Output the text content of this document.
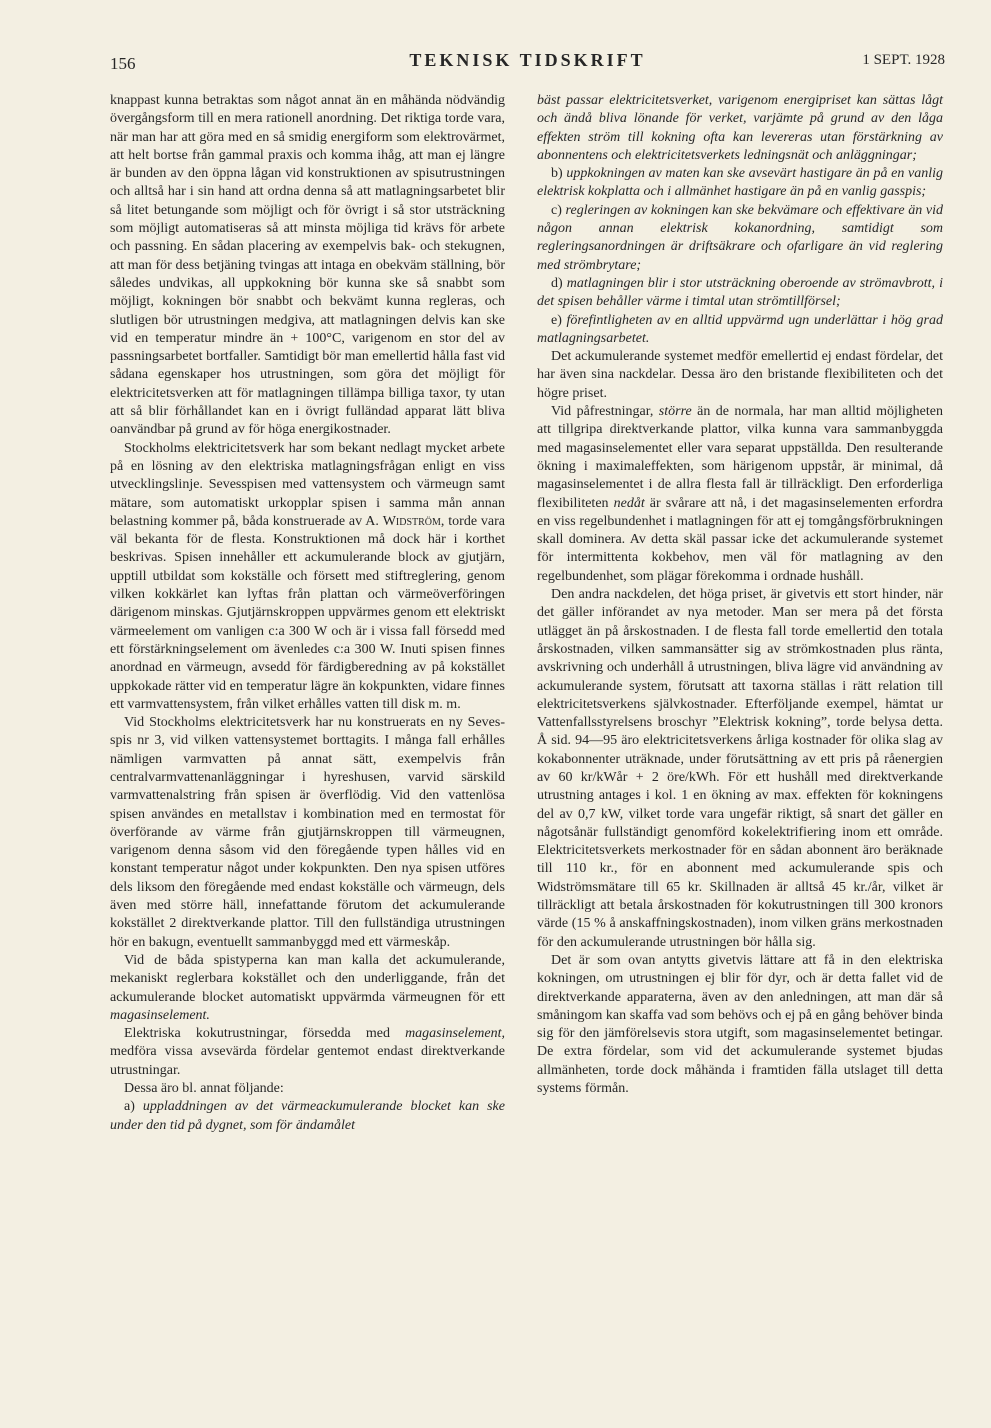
156	TEKNISK TIDSKRIFT	1 SEPT. 1928

knappast kunna betraktas som något annat än en måhända nödvändig övergångsform till en mera rationell anordning. Det riktiga torde vara, när man har att göra med en så smidig energiform som elektrovärmet, att helt bortse från gammal praxis och komma ihåg, att man ej längre är bunden av den öppna lågan vid konstruktionen av spisutrustningen och alltså har i sin hand att ordna denna så att matlagningsarbetet blir så litet betungande som möjligt och för övrigt i så stor utsträckning som möjligt automatiseras så att minsta möjliga tid krävs för arbete och passning. En sådan placering av exempelvis bak- och stekugnen, att man för dess betjäning tvingas att intaga en obekväm ställning, bör således undvikas, all uppkokning bör kunna ske så snabbt som möjligt, kokningen bör snabbt och bekvämt kunna regleras, och slutligen bör utrustningen medgiva, att matlagningen delvis kan ske vid en temperatur mindre än + 100°C, varigenom en stor del av passningsarbetet bortfaller. Samtidigt bör man emellertid hålla fast vid sådana egenskaper hos utrustningen, som göra det möjligt för elektricitetsverken att för matlagningen tillämpa billiga taxor, ty utan att så blir förhållandet kan en i övrigt fulländad apparat lätt bliva oanvändbar på grund av för höga energikostnader.

Stockholms elektricitetsverk har som bekant nedlagt mycket arbete på en lösning av den elektriska matlagningsfrågan enligt en viss utvecklingslinje. Sevesspisen med vattensystem och värmeugn samt mätare, som automatiskt urkopplar spisen i samma mån annan belastning kommer på, båda konstruerade av A. Widström, torde vara väl bekanta för de flesta. Konstruktionen må dock här i korthet beskrivas. Spisen innehåller ett ackumulerande block av gjutjärn, upptill utbildat som kokställe och försett med stiftreglering, genom vilken kokkärlet kan lyftas från plattan och värmeöverföringen därigenom minskas. Gjutjärnskroppen uppvärmes genom ett elektriskt värmeelement om vanligen c:a 300 W och är i vissa fall försedd med ett förstärkningselement om ävenledes c:a 300 W. Inuti spisen finnes anordnad en värmeugn, avsedd för färdigberedning av på kokstället uppkokade rätter vid en temperatur lägre än kokpunkten, vidare finnes ett varmvattensystem, från vilket erhålles vatten till disk m. m.

Vid Stockholms elektricitetsverk har nu konstruerats en ny Seves-spis nr 3, vid vilken vattensystemet borttagits. I många fall erhålles nämligen varmvatten på annat sätt, exempelvis från centralvarmvattenanläggningar i hyreshusen, varvid särskild varmvattenalstring från spisen är överflödig. Vid den vattenlösa spisen användes en metallstav i kombination med en termostat för överförande av värme från gjutjärnskroppen till värmeugnen, varigenom denna såsom vid den föregående typen hålles vid en konstant temperatur något under kokpunkten. Den nya spisen utföres dels liksom den föregående med endast kokställe och värmeugn, dels även med större häll, innefattande förutom det ackumulerande kokstället 2 direktverkande plattor. Till den fullständiga utrustningen hör en bakugn, eventuellt sammanbyggd med ett värmeskåp.

Vid de båda spistyperna kan man kalla det ackumulerande, mekaniskt reglerbara kokstället och den underliggande, från det ackumulerande blocket automatiskt uppvärmda värmeugnen för ett magasinselement.

Elektriska kokutrustningar, försedda med magasinselement, medföra vissa avsevärda fördelar gentemot endast direktverkande utrustningar.

Dessa äro bl. annat följande:

a) uppladdningen av det värmeackumulerande blocket kan ske under den tid på dygnet, som för ändamålet

bäst passar elektricitetsverket, varigenom energipriset kan sättas lågt och ändå bliva lönande för verket, varjämte på grund av den låga effekten ström till kokning ofta kan levereras utan förstärkning av abonnentens och elektricitetsverkets ledningsnät och anläggningar;

b) uppkokningen av maten kan ske avsevärt hastigare än på en vanlig elektrisk kokplatta och i allmänhet hastigare än på en vanlig gasspis;

c) regleringen av kokningen kan ske bekvämare och effektivare än vid någon annan elektrisk kokanordning, samtidigt som regleringsanordningen är driftsäkrare och ofarligare än vid reglering med strömbrytare;

d) matlagningen blir i stor utsträckning oberoende av strömavbrott, i det spisen behåller värme i timtal utan strömtillförsel;

e) förefintligheten av en alltid uppvärmd ugn underlättar i hög grad matlagningsarbetet.

Det ackumulerande systemet medför emellertid ej endast fördelar, det har även sina nackdelar. Dessa äro den bristande flexibiliteten och det högre priset.

Vid påfrestningar, större än de normala, har man alltid möjligheten att tillgripa direktverkande plattor, vilka kunna vara sammanbyggda med magasinselementet eller vara separat uppställda. Den resulterande ökning i maximaleffekten, som härigenom uppstår, är minimal, då magasinselementet i de allra flesta fall är tillräckligt. Den erforderliga flexibiliteten nedåt är svårare att nå, i det magasinselementen erfordra en viss regelbundenhet i matlagningen för att ej tomgångsförbrukningen skall dominera. Av detta skäl passar icke det ackumulerande systemet för intermittenta kokbehov, men väl för matlagning av den regelbundenhet, som plägar förekomma i ordnade hushåll.

Den andra nackdelen, det höga priset, är givetvis ett stort hinder, när det gäller införandet av nya metoder. Man ser mera på det första utlägget än på årskostnaden. I de flesta fall torde emellertid den totala årskostnaden, vilken sammansätter sig av strömkostnaden plus ränta, avskrivning och underhåll å utrustningen, bliva lägre vid användning av ackumulerande system, förutsatt att taxorna ställas i rätt relation till elektricitetsverkens självkostnader. Efterföljande exempel, hämtat ur Vattenfallsstyrelsens broschyr ”Elektrisk kokning”, torde belysa detta. Å sid. 94—95 äro elektricitetsverkens årliga kostnader för olika slag av kokabonnenter uträknade, under förutsättning av ett pris på råenergien av 60 kr/kWår + 2 öre/kWh. För ett hushåll med direktverkande utrustning antages i kol. 1 en ökning av max. effekten för kokningens del av 0,7 kW, vilket torde vara ungefär riktigt, så snart det gäller en någotsånär fullständigt genomförd kokelektrifiering inom ett område. Elektricitetsverkets merkostnader för en sådan abonnent äro beräknade till 110 kr., för en abonnent med ackumulerande spis och Widströmsmätare till 65 kr. Skillnaden är alltså 45 kr./år, vilket är tillräckligt att betala årskostnaden för kokutrustningen till 300 kronors värde (15 % å anskaffningskostnaden), inom vilken gräns merkostnaden för den ackumulerande utrustningen bör hålla sig.

Det är som ovan antytts givetvis lättare att få in den elektriska kokningen, om utrustningen ej blir för dyr, och är detta fallet vid de direktverkande apparaterna, även av den anledningen, att man där så småningom kan skaffa vad som behövs och ej på en gång behöver binda sig för den jämförelsevis stora utgift, som magasinselementet betingar. De extra fördelar, som vid det ackumulerande systemet bjudas allmänheten, torde dock måhända i framtiden fälla utslaget till detta systems förmån.
